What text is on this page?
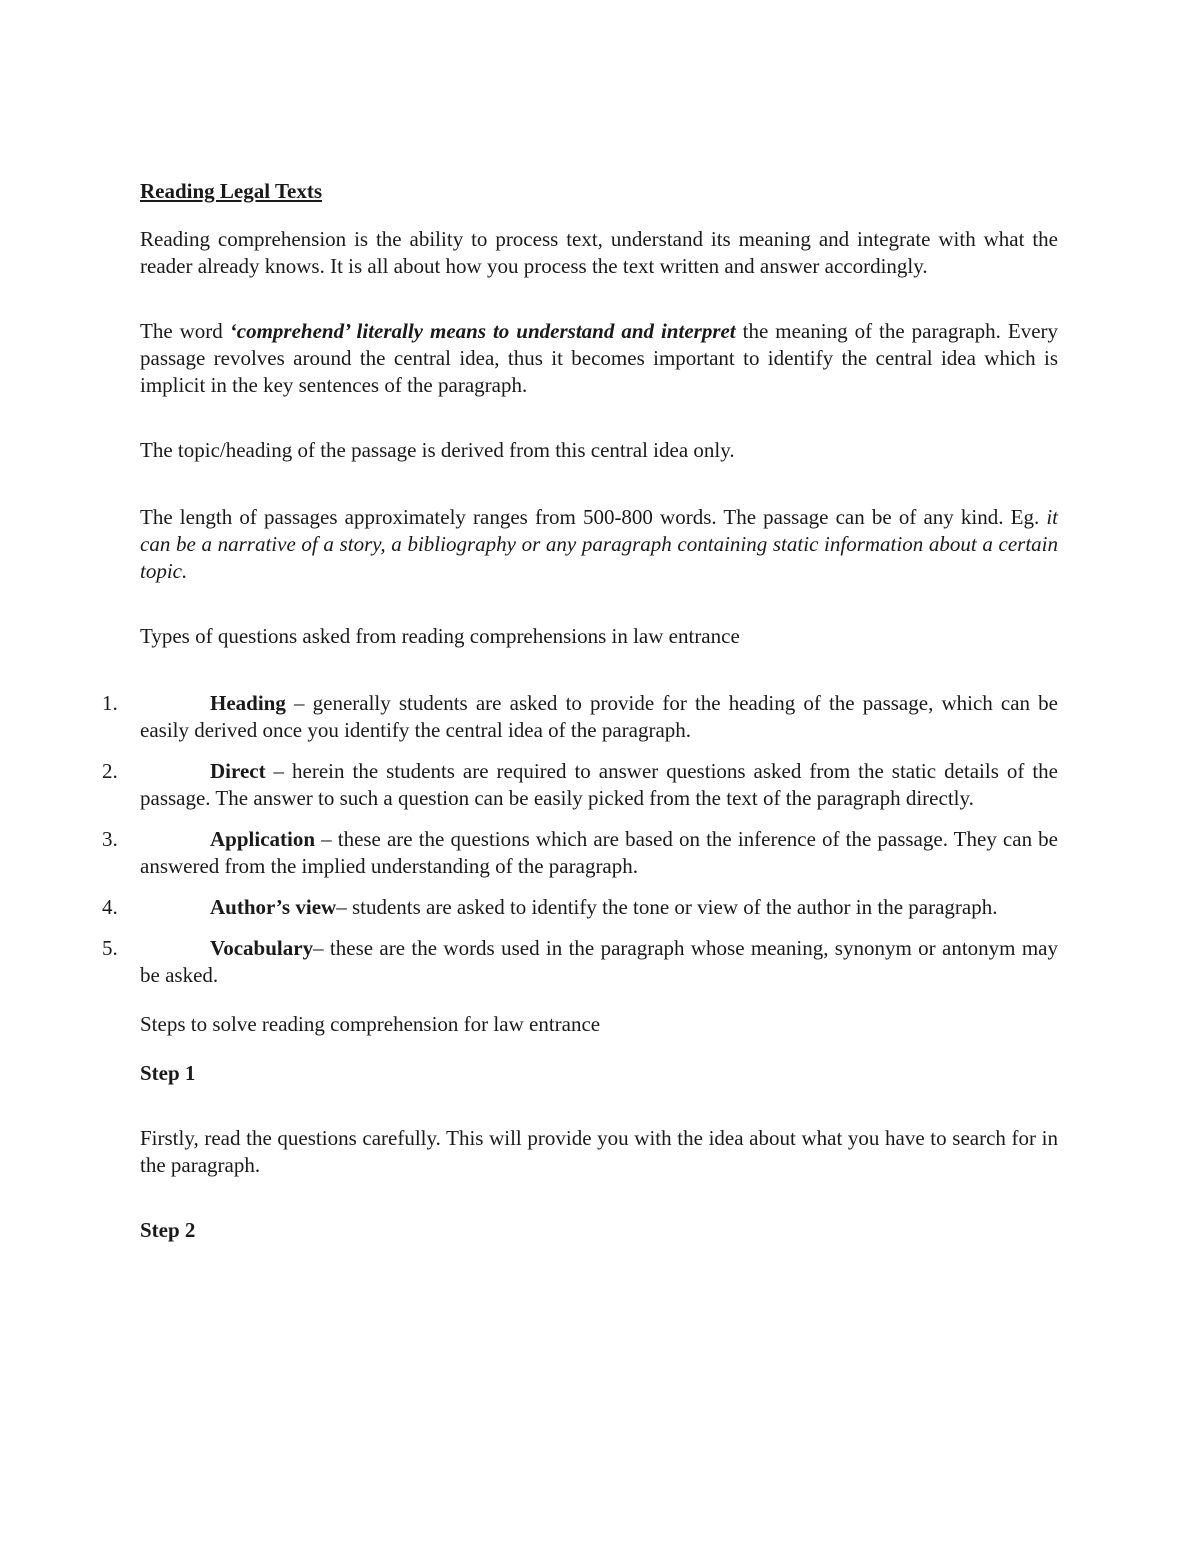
Reading Legal Texts

Reading comprehension is the ability to process text, understand its meaning and integrate with what the reader already knows. It is all about how you process the text written and answer accordingly.

The word ‘comprehend’ literally means to understand and interpret the meaning of the paragraph. Every passage revolves around the central idea, thus it becomes important to identify the central idea which is implicit in the key sentences of the paragraph.

The topic/heading of the passage is derived from this central idea only.

The length of passages approximately ranges from 500-800 words. The passage can be of any kind. Eg. it can be a narrative of a story, a bibliography or any paragraph containing static information about a certain topic.

Types of questions asked from reading comprehensions in law entrance

1.	Heading – generally students are asked to provide for the heading of the passage, which can be easily derived once you identify the central idea of the paragraph.
2.	Direct – herein the students are required to answer questions asked from the static details of the passage. The answer to such a question can be easily picked from the text of the paragraph directly.
3.	Application – these are the questions which are based on the inference of the passage. They can be answered from the implied understanding of the paragraph.
4.	Author’s view– students are asked to identify the tone or view of the author in the paragraph.
5.	Vocabulary– these are the words used in the paragraph whose meaning, synonym or antonym may be asked.

Steps to solve reading comprehension for law entrance

Step 1

Firstly, read the questions carefully. This will provide you with the idea about what you have to search for in the paragraph.

Step 2
